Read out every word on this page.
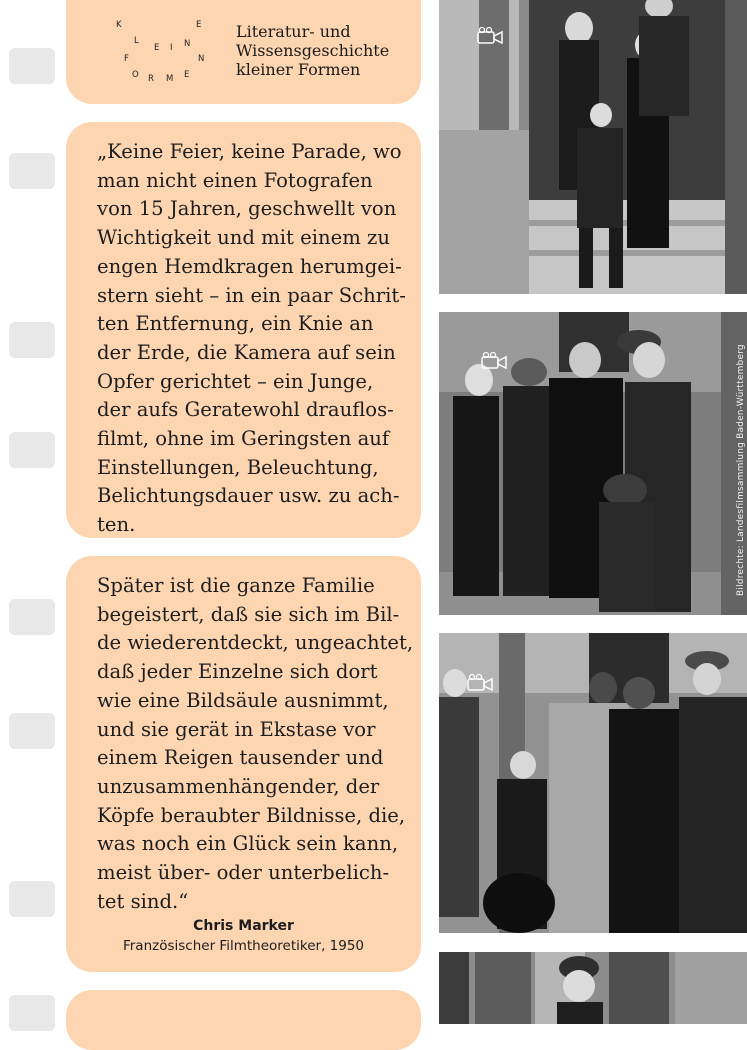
K	E
L
E I N
F	N
O R M E
Literatur- und
Wissensgeschichte
kleiner Formen
„Keine Feier, keine Parade, wo
man nicht einen Fotografen
von 15 Jahren, geschwellt von
Wichtigkeit und mit einem zu
engen Hemdkragen herumgei-
stern sieht – in ein paar Schrit-
ten Entfernung, ein Knie an
der Erde, die Kamera auf sein
Opfer gerichtet – ein Junge,
der aufs Geratewohl drauflos-
filmt, ohne im Geringsten auf
Einstellungen, Beleuchtung,
Belichtungsdauer usw. zu ach-
ten.
Später ist die ganze Familie
begeistert, daß sie sich im Bil-
de wiederentdeckt, ungeachtet,
daß jeder Einzelne sich dort
wie eine Bildsäule ausnimmt,
und sie gerät in Ekstase vor
einem Reigen tausender und
unzusammenhängender, der
Köpfe beraubter Bildnisse, die,
was noch ein Glück sein kann,
meist über- oder unterbelich-
tet sind.“
Chris Marker
Französischer Filmtheoretiker, 1950
Bildrechte: Landesfilmsammlung Baden-Württemberg
